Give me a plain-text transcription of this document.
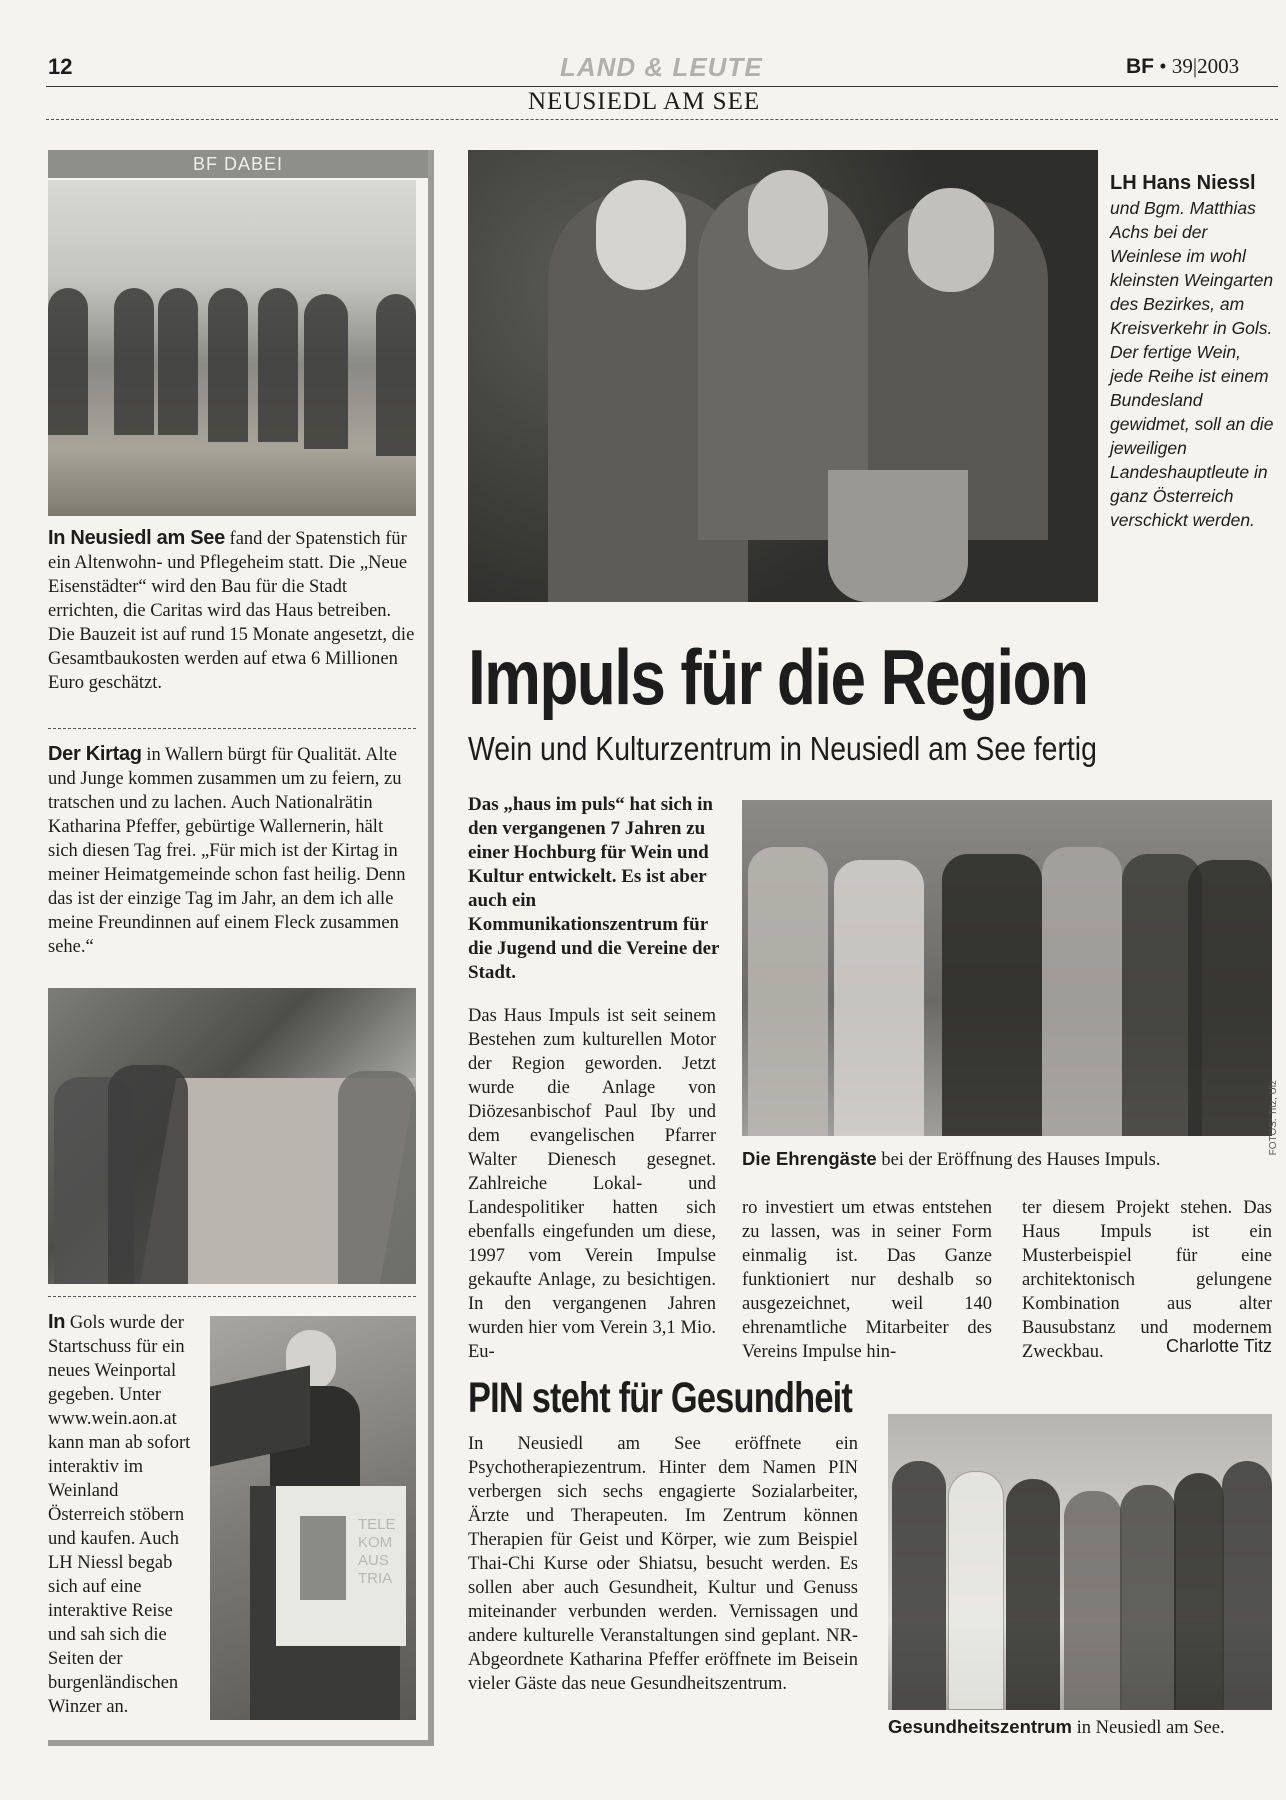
12	LAND & LEUTE	BF • 39|2003
NEUSIEDL AM SEE
BF DABEI
In Neusiedl am See fand der Spatenstich für ein Altenwohn- und Pflegeheim statt. Die „Neue Eisenstädter“ wird den Bau für die Stadt errichten, die Caritas wird das Haus betreiben. Die Bauzeit ist auf rund 15 Monate angesetzt, die Gesamtbaukosten werden auf etwa 6 Millionen Euro geschätzt.
Der Kirtag in Wallern bürgt für Qualität. Alte und Junge kommen zusammen um zu feiern, zu tratschen und zu lachen. Auch Nationalrätin Katharina Pfeffer, gebürtige Wallernerin, hält sich diesen Tag frei. „Für mich ist der Kirtag in meiner Heimatgemeinde schon fast heilig. Denn das ist der einzige Tag im Jahr, an dem ich alle meine Freundinnen auf einem Fleck zusammen sehe.“
In Gols wurde der Startschuss für ein neues Weinportal gegeben. Unter www.wein.aon.at kann man ab sofort interaktiv im Weinland Österreich stöbern und kaufen. Auch LH Niessl begab sich auf eine interaktive Reise und sah sich die Seiten der burgenländischen Winzer an.
TELE KOM AUS TRIA
LH Hans Niessl
und Bgm. Matthias Achs bei der Weinlese im wohl kleinsten Weingarten des Bezirkes, am Kreisverkehr in Gols. Der fertige Wein, jede Reihe ist einem Bundesland gewidmet, soll an die jeweiligen Landeshauptleute in ganz Österreich verschickt werden.
Impuls für die Region
Wein und Kulturzentrum in Neusiedl am See fertig
Das „haus im puls“ hat sich in den vergangenen 7 Jahren zu einer Hochburg für Wein und Kultur entwickelt. Es ist aber auch ein Kommunikationszentrum für die Jugend und die Vereine der Stadt.
FOTOS: Titz, Ulz
Die Ehrengäste bei der Eröffnung des Hauses Impuls.
Das Haus Impuls ist seit seinem Bestehen zum kulturellen Motor der Region geworden. Jetzt wurde die Anlage von Diözesanbischof Paul Iby und dem evangelischen Pfarrer Walter Dienesch gesegnet. Zahlreiche Lokal- und Landespolitiker hatten sich ebenfalls eingefunden um diese, 1997 vom Verein Impulse gekaufte Anlage, zu besichtigen. In den vergangenen Jahren wurden hier vom Verein 3,1 Mio. Eu-
ro investiert um etwas entstehen zu lassen, was in seiner Form einmalig ist. Das Ganze funktioniert nur deshalb so ausgezeichnet, weil 140 ehrenamtliche Mitarbeiter des Vereins Impulse hin-
ter diesem Projekt stehen. Das Haus Impuls ist ein Musterbeispiel für eine architektonisch gelungene Kombination aus alter Bausubstanz und modernem Zweckbau.	Charlotte Titz
PIN steht für Gesundheit
In Neusiedl am See eröffnete ein Psychotherapiezentrum. Hinter dem Namen PIN verbergen sich sechs engagierte Sozialarbeiter, Ärzte und Therapeuten. Im Zentrum können Therapien für Geist und Körper, wie zum Beispiel Thai-Chi Kurse oder Shiatsu, besucht werden. Es sollen aber auch Gesundheit, Kultur und Genuss miteinander verbunden werden. Vernissagen und andere kulturelle Veranstaltungen sind geplant. NR-Abgeordnete Katharina Pfeffer eröffnete im Beisein vieler Gäste das neue Gesundheitszentrum.
Gesundheitszentrum in Neusiedl am See.
